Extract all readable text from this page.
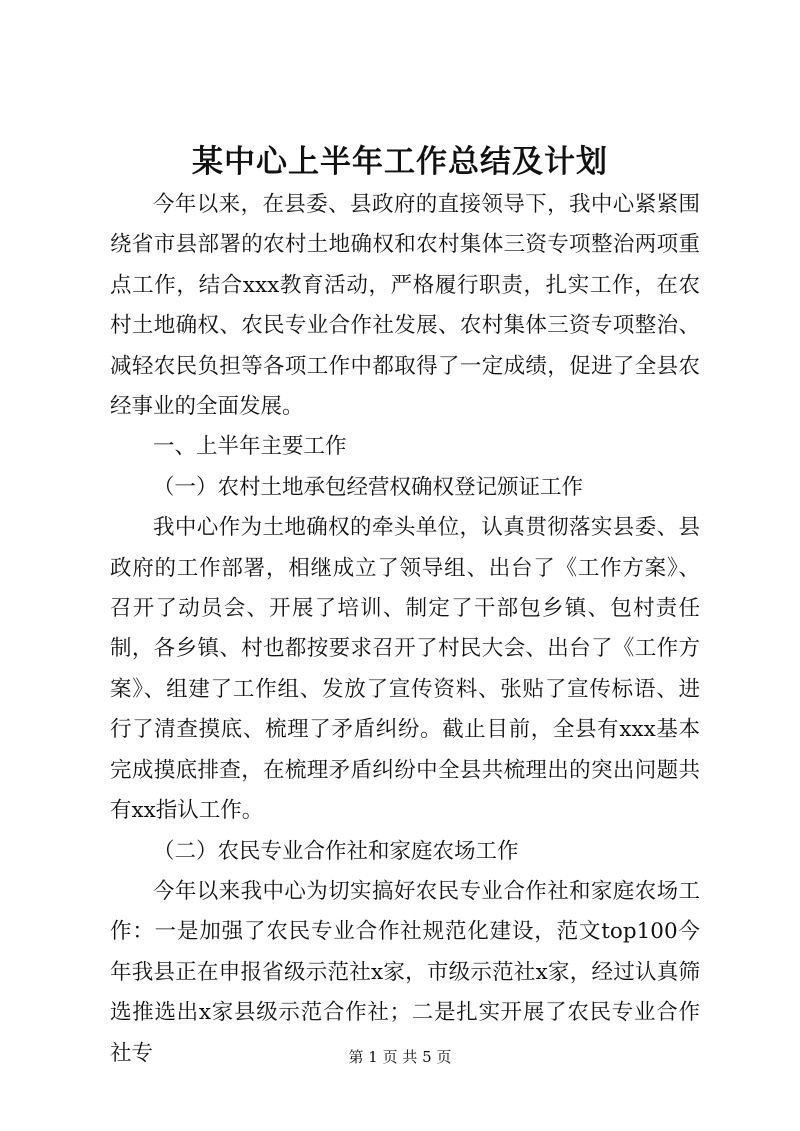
某中心上半年工作总结及计划

今年以来，在县委、县政府的直接领导下，我中心紧紧围绕省市县部署的农村土地确权和农村集体三资专项整治两项重点工作，结合xxx教育活动，严格履行职责，扎实工作，在农村土地确权、农民专业合作社发展、农村集体三资专项整治、减轻农民负担等各项工作中都取得了一定成绩，促进了全县农经事业的全面发展。

一、上半年主要工作

（一）农村土地承包经营权确权登记颁证工作

我中心作为土地确权的牵头单位，认真贯彻落实县委、县政府的工作部署，相继成立了领导组、出台了《工作方案》、召开了动员会、开展了培训、制定了干部包乡镇、包村责任制，各乡镇、村也都按要求召开了村民大会、出台了《工作方案》、组建了工作组、发放了宣传资料、张贴了宣传标语、进行了清查摸底、梳理了矛盾纠纷。截止目前，全县有xxx基本完成摸底排查，在梳理矛盾纠纷中全县共梳理出的突出问题共有xx指认工作。

（二）农民专业合作社和家庭农场工作

今年以来我中心为切实搞好农民专业合作社和家庭农场工作：一是加强了农民专业合作社规范化建设，范文top100今年我县正在申报省级示范社x家，市级示范社x家，经过认真筛选推选出x家县级示范合作社；二是扎实开展了农民专业合作社专	第 1 页 共 5 页
